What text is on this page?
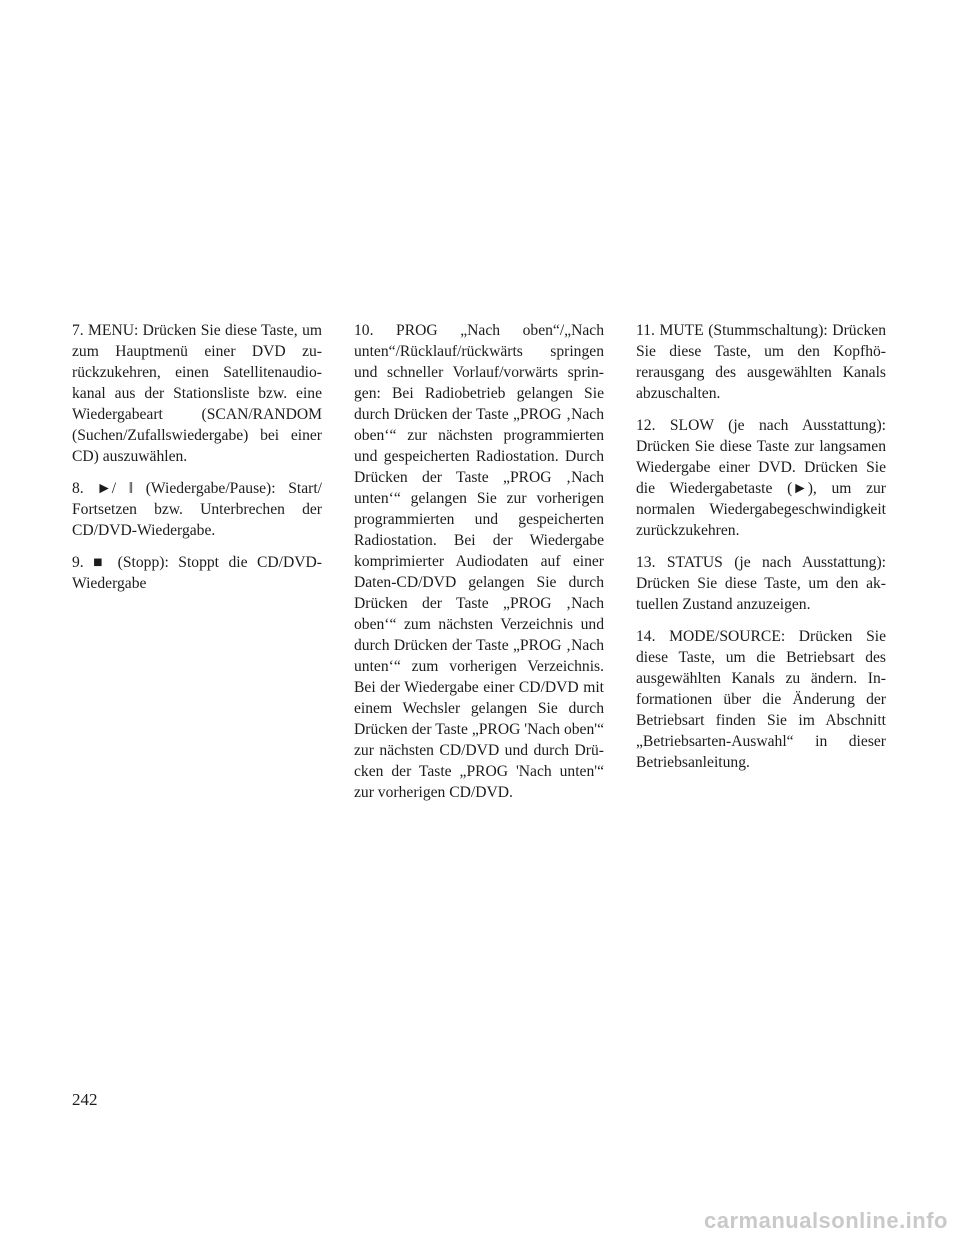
7. MENU: Drücken Sie diese Taste, um zum Hauptmenü einer DVD zurückzukehren, einen Satellitenaudiokanal aus der Stationsliste bzw. eine Wiedergabeart (SCAN/RANDOM (Suchen/Zufallswiedergabe) bei einer CD) auszuwählen.

8. ►/ ‖ (Wiedergabe/Pause): Start/ Fortsetzen bzw. Unterbrechen der CD/DVD-Wiedergabe.

9. ■ (Stopp): Stoppt die CD/DVD-Wiedergabe

10. PROG „Nach oben“/„Nach unten“/Rücklauf/rückwärts springen und schneller Vorlauf/vorwärts springen: Bei Radiobetrieb gelangen Sie durch Drücken der Taste „PROG ‚Nach oben‘“ zur nächsten programmierten und gespeicherten Radiostation. Durch Drücken der Taste „PROG ‚Nach unten‘“ gelangen Sie zur vorherigen programmierten und gespeicherten Radiostation. Bei der Wiedergabe komprimierter Audiodaten auf einer Daten-CD/DVD gelangen Sie durch Drücken der Taste „PROG ‚Nach oben‘“ zum nächsten Verzeichnis und durch Drücken der Taste „PROG ‚Nach unten‘“ zum vorherigen Verzeichnis. Bei der Wiedergabe einer CD/DVD mit einem Wechsler gelangen Sie durch Drücken der Taste „PROG 'Nach oben'“ zur nächsten CD/DVD und durch Drücken der Taste „PROG 'Nach unten'“ zur vorherigen CD/DVD.

11. MUTE (Stummschaltung): Drücken Sie diese Taste, um den Kopfhörerausgang des ausgewählten Kanals abzuschalten.

12. SLOW (je nach Ausstattung): Drücken Sie diese Taste zur langsamen Wiedergabe einer DVD. Drücken Sie die Wiedergabetaste (►), um zur normalen Wiedergabegeschwindigkeit zurückzukehren.

13. STATUS (je nach Ausstattung): Drücken Sie diese Taste, um den aktuellen Zustand anzuzeigen.

14. MODE/SOURCE: Drücken Sie diese Taste, um die Betriebsart des ausgewählten Kanals zu ändern. Informationen über die Änderung der Betriebsart finden Sie im Abschnitt „Betriebsarten-Auswahl“ in dieser Betriebsanleitung.

242

carmanualsonline.info
